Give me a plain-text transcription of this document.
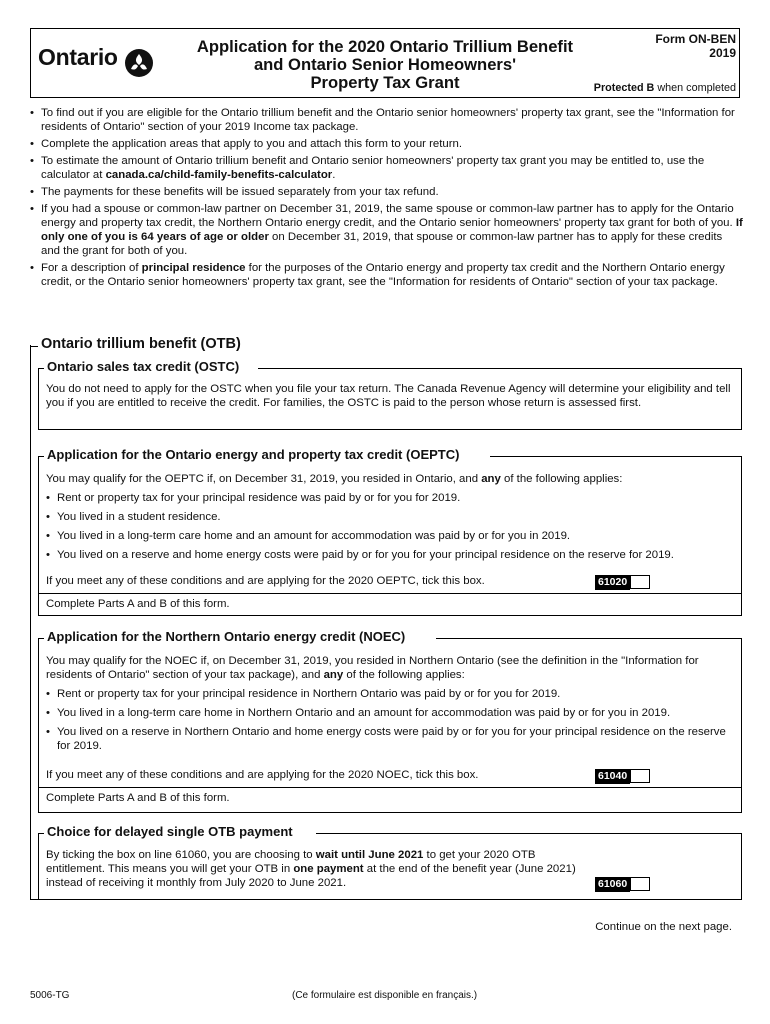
Ontario	Application for the 2020 Ontario Trillium Benefit
and Ontario Senior Homeowners'
Property Tax Grant
Form ON-BEN
2019
Protected B when completed
• To find out if you are eligible for the Ontario trillium benefit and the Ontario senior homeowners' property tax grant, see the "Information for residents of Ontario" section of your 2019 Income tax package.
• Complete the application areas that apply to you and attach this form to your return.
• To estimate the amount of Ontario trillium benefit and Ontario senior homeowners' property tax grant you may be entitled to, use the calculator at canada.ca/child-family-benefits-calculator.
• The payments for these benefits will be issued separately from your tax refund.
• If you had a spouse or common-law partner on December 31, 2019, the same spouse or common-law partner has to apply for the Ontario energy and property tax credit, the Northern Ontario energy credit, and the Ontario senior homeowners' property tax grant for both of you. If only one of you is 64 years of age or older on December 31, 2019, that spouse or common-law partner has to apply for these credits and the grant for both of you.
• For a description of principal residence for the purposes of the Ontario energy and property tax credit and the Northern Ontario energy credit, or the Ontario senior homeowners' property tax grant, see the "Information for residents of Ontario" section of your tax package.
Ontario trillium benefit (OTB)
Ontario sales tax credit (OSTC)
You do not need to apply for the OSTC when you file your tax return. The Canada Revenue Agency will determine your eligibility and tell you if you are entitled to receive the credit. For families, the OSTC is paid to the person whose return is assessed first.
Application for the Ontario energy and property tax credit (OEPTC)
You may qualify for the OEPTC if, on December 31, 2019, you resided in Ontario, and any of the following applies:
• Rent or property tax for your principal residence was paid by or for you for 2019.
• You lived in a student residence.
• You lived in a long-term care home and an amount for accommodation was paid by or for you in 2019.
• You lived on a reserve and home energy costs were paid by or for you for your principal residence on the reserve for 2019.
If you meet any of these conditions and are applying for the 2020 OEPTC, tick this box.	61020
Complete Parts A and B of this form.
Application for the Northern Ontario energy credit (NOEC)
You may qualify for the NOEC if, on December 31, 2019, you resided in Northern Ontario (see the definition in the "Information for residents of Ontario" section of your tax package), and any of the following applies:
• Rent or property tax for your principal residence in Northern Ontario was paid by or for you for 2019.
• You lived in a long-term care home in Northern Ontario and an amount for accommodation was paid by or for you in 2019.
• You lived on a reserve in Northern Ontario and home energy costs were paid by or for you for your principal residence on the reserve for 2019.
If you meet any of these conditions and are applying for the 2020 NOEC, tick this box.	61040
Complete Parts A and B of this form.
Choice for delayed single OTB payment
By ticking the box on line 61060, you are choosing to wait until June 2021 to get your 2020 OTB entitlement. This means you will get your OTB in one payment at the end of the benefit year (June 2021) instead of receiving it monthly from July 2020 to June 2021.	61060
Continue on the next page.
5006-TG	(Ce formulaire est disponible en français.)
